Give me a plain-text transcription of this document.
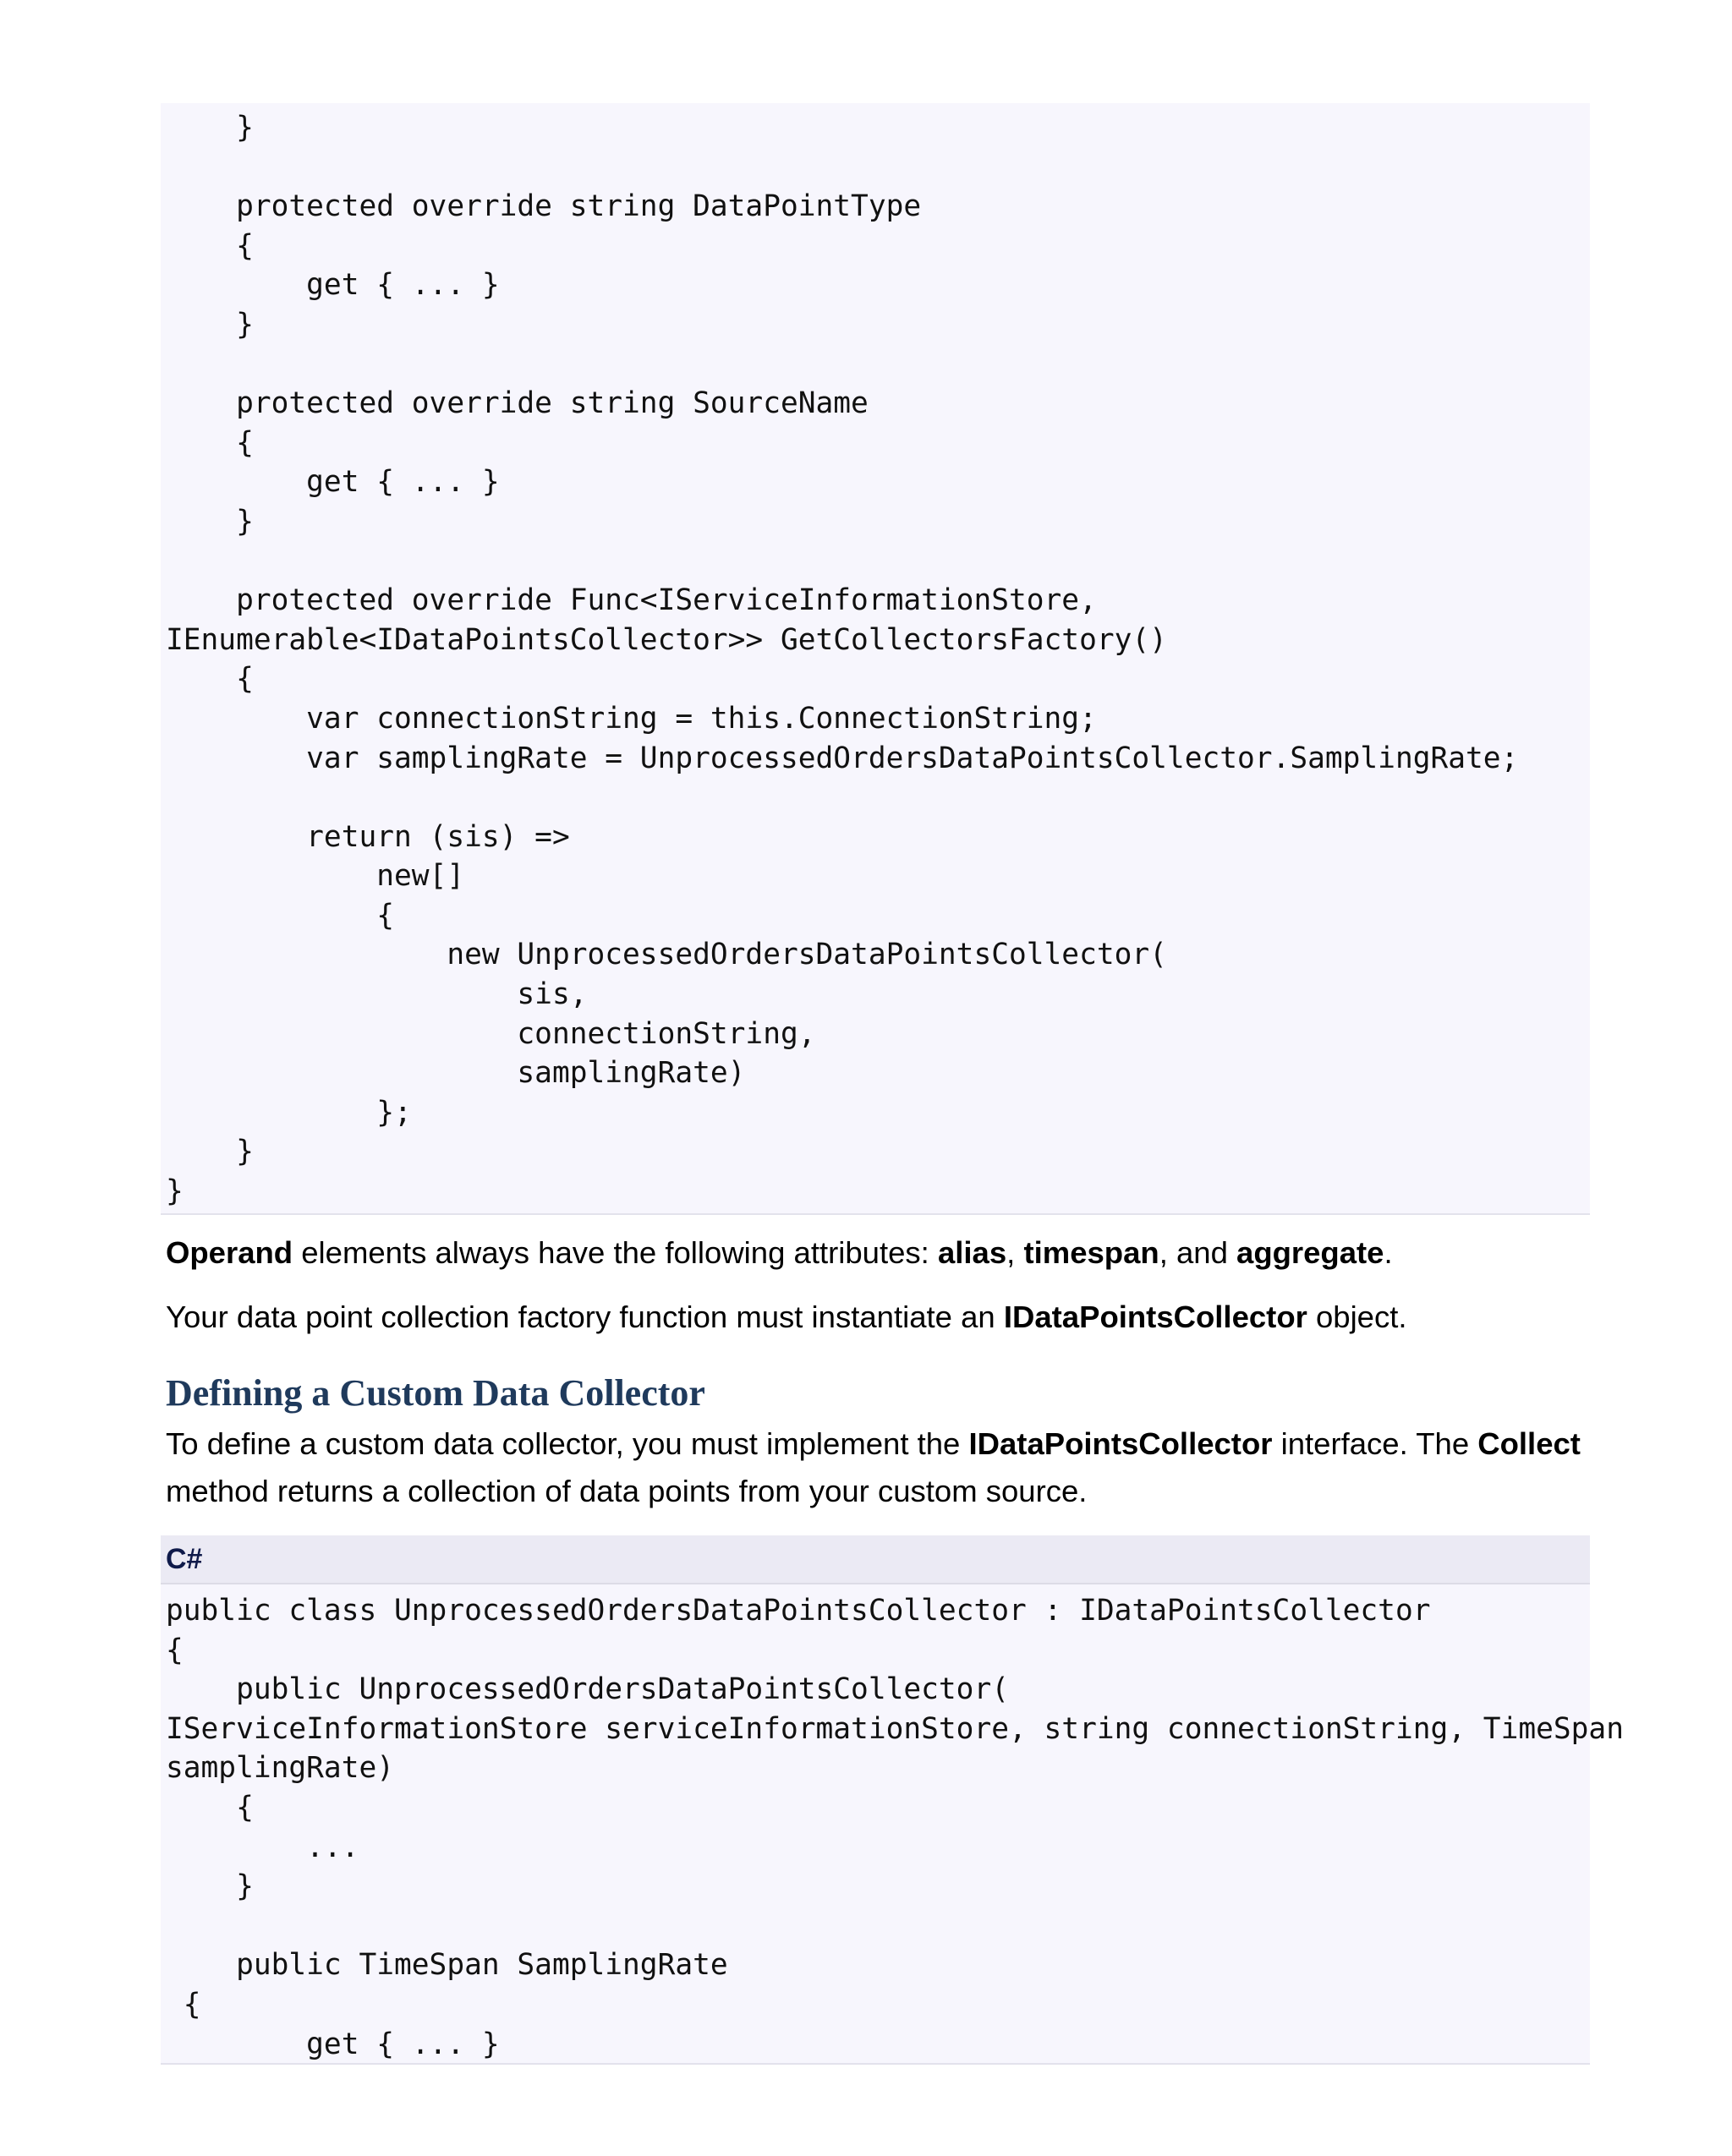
}
protected override string DataPointType
{
get { ... }
}
protected override string SourceName
{
get { ... }
}
protected override Func<IServiceInformationStore,
IEnumerable<IDataPointsCollector>> GetCollectorsFactory()
{
var connectionString = this.ConnectionString;
var samplingRate = UnprocessedOrdersDataPointsCollector.SamplingRate;
return (sis) =>
new[]
{
new UnprocessedOrdersDataPointsCollector(
sis,
connectionString,
samplingRate)
};
}
}

Operand elements always have the following attributes: alias, timespan, and aggregate.

Your data point collection factory function must instantiate an IDataPointsCollector object.

Defining a Custom Data Collector

To define a custom data collector, you must implement the IDataPointsCollector interface. The Collect method returns a collection of data points from your custom source.

C#
public class UnprocessedOrdersDataPointsCollector : IDataPointsCollector
{
public UnprocessedOrdersDataPointsCollector(
IServiceInformationStore serviceInformationStore, string connectionString, TimeSpan
samplingRate)
{
...
}
public TimeSpan SamplingRate
{
get { ... }
